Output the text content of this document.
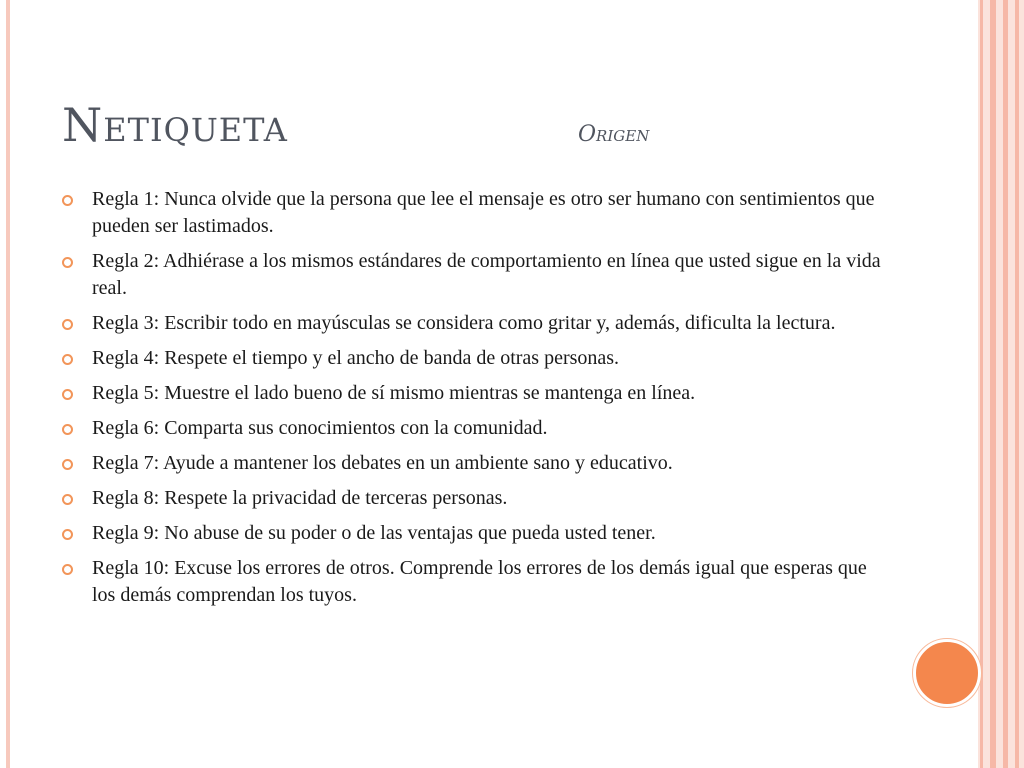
Netiqueta	Origen
Regla 1: Nunca olvide que la persona que lee el mensaje es otro ser humano con sentimientos que pueden ser lastimados.
Regla 2: Adhiérase a los mismos estándares de comportamiento en línea que usted sigue en la vida real.
Regla 3: Escribir todo en mayúsculas se considera como gritar y, además, dificulta la lectura.
Regla 4: Respete el tiempo y el ancho de banda de otras personas.
Regla 5: Muestre el lado bueno de sí mismo mientras se mantenga en línea.
Regla 6: Comparta sus conocimientos con la comunidad.
Regla 7: Ayude a mantener los debates en un ambiente sano y educativo.
Regla 8: Respete la privacidad de terceras personas.
Regla 9: No abuse de su poder o de las ventajas que pueda usted tener.
Regla 10: Excuse los errores de otros. Comprende los errores de los demás igual que esperas que los demás comprendan los tuyos.
